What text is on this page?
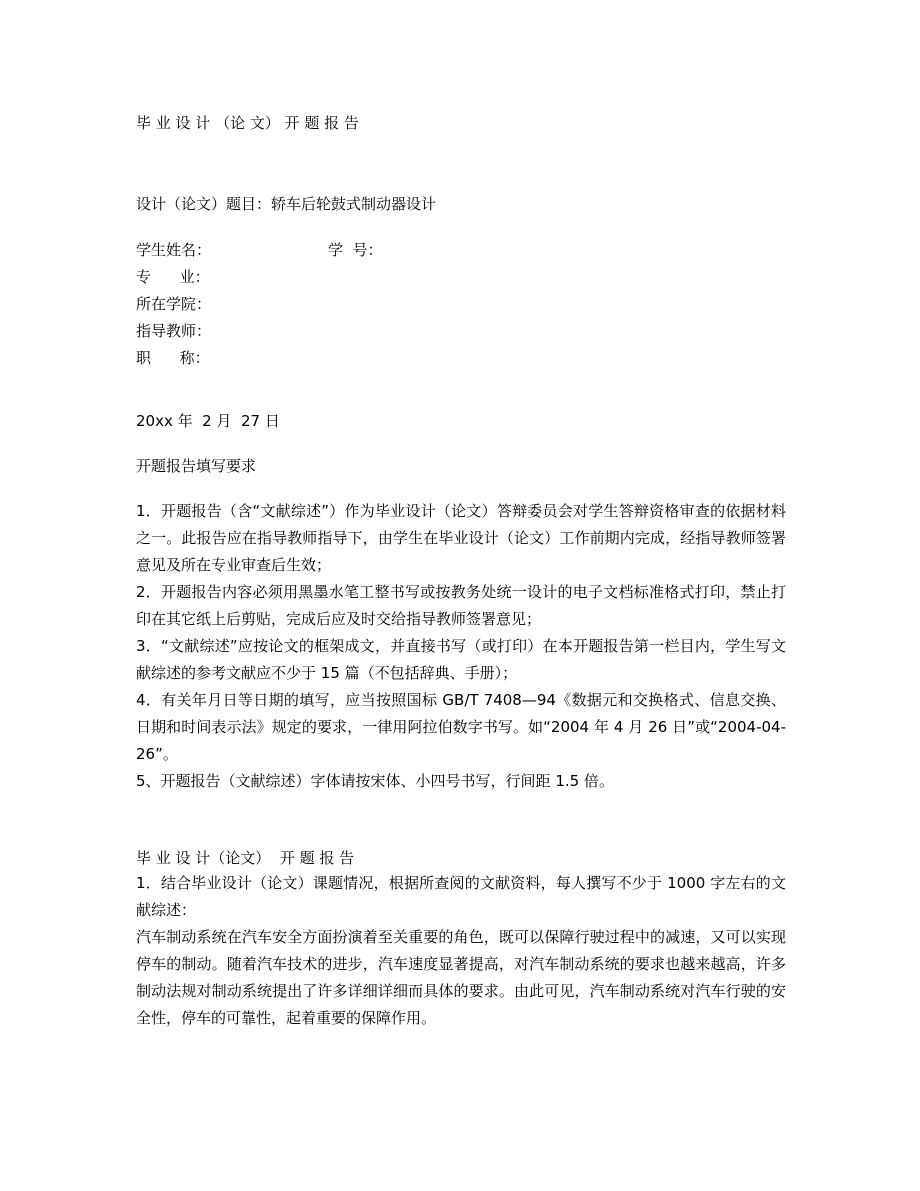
毕 业 设 计 （论 文） 开 题 报 告
设计（论文）题目：轿车后轮鼓式制动器设计
学生姓名：	学  号：
专      业：
所在学院：
指导教师：
职      称：
20xx 年  2 月  27 日
开题报告填写要求
1．开题报告（含“文献综述”）作为毕业设计（论文）答辩委员会对学生答辩资格审查的依据材料之一。此报告应在指导教师指导下，由学生在毕业设计（论文）工作前期内完成，经指导教师签署意见及所在专业审查后生效；
2．开题报告内容必须用黑墨水笔工整书写或按教务处统一设计的电子文档标准格式打印，禁止打印在其它纸上后剪贴，完成后应及时交给指导教师签署意见；
3．“文献综述”应按论文的框架成文，并直接书写（或打印）在本开题报告第一栏目内，学生写文献综述的参考文献应不少于 15 篇（不包括辞典、手册）；
4．有关年月日等日期的填写，应当按照国标 GB/T 7408—94《数据元和交换格式、信息交换、日期和时间表示法》规定的要求，一律用阿拉伯数字书写。如“2004 年 4 月 26 日”或“2004-04-26”。
5、开题报告（文献综述）字体请按宋体、小四号书写，行间距 1.5 倍。
毕 业 设 计（论文）  开 题 报 告
1．结合毕业设计（论文）课题情况，根据所查阅的文献资料，每人撰写不少于 1000 字左右的文献综述：
汽车制动系统在汽车安全方面扮演着至关重要的角色，既可以保障行驶过程中的减速，又可以实现停车的制动。随着汽车技术的进步，汽车速度显著提高，对汽车制动系统的要求也越来越高，许多制动法规对制动系统提出了许多详细详细而具体的要求。由此可见，汽车制动系统对汽车行驶的安全性，停车的可靠性，起着重要的保障作用。
